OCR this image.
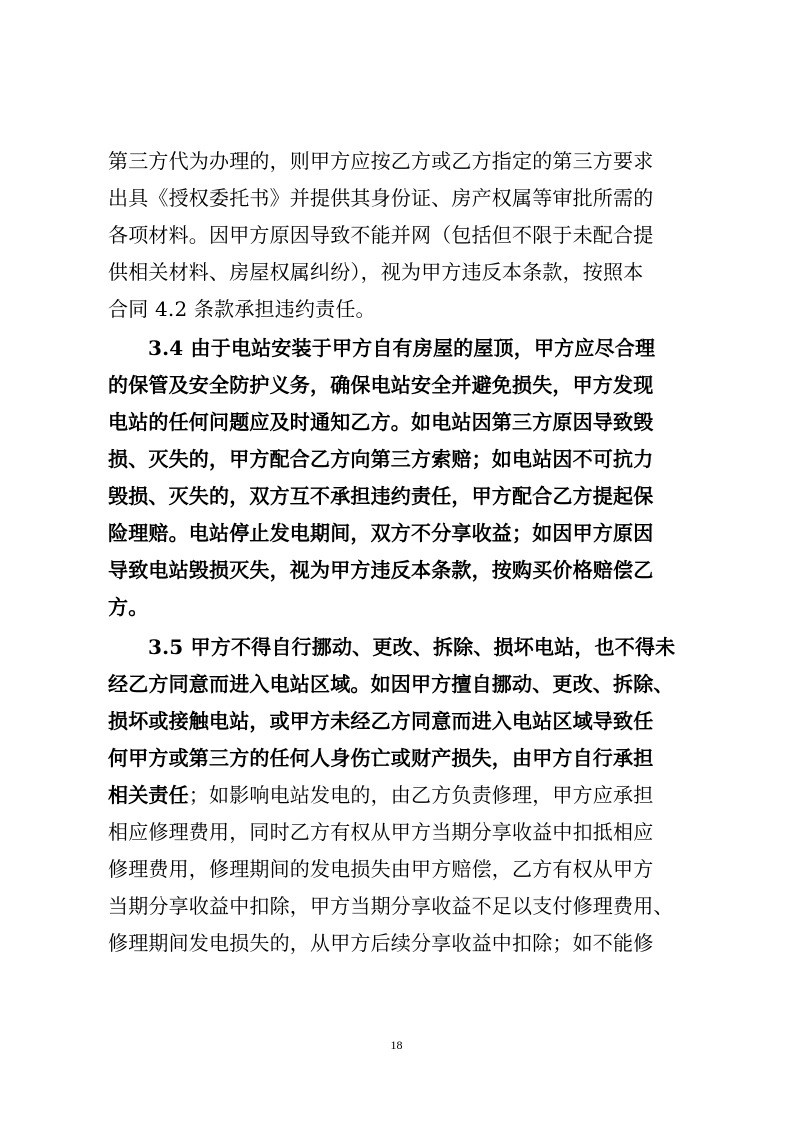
第三方代为办理的，则甲方应按乙方或乙方指定的第三方要求
出具《授权委托书》并提供其身份证、房产权属等审批所需的
各项材料。因甲方原因导致不能并网（包括但不限于未配合提
供相关材料、房屋权属纠纷），视为甲方违反本条款，按照本
合同 4.2 条款承担违约责任。
3.4 由于电站安装于甲方自有房屋的屋顶，甲方应尽合理
的保管及安全防护义务，确保电站安全并避免损失，甲方发现
电站的任何问题应及时通知乙方。如电站因第三方原因导致毁
损、灭失的，甲方配合乙方向第三方索赔；如电站因不可抗力
毁损、灭失的，双方互不承担违约责任，甲方配合乙方提起保
险理赔。电站停止发电期间，双方不分享收益；如因甲方原因
导致电站毁损灭失，视为甲方违反本条款，按购买价格赔偿乙
方。
3.5 甲方不得自行挪动、更改、拆除、损坏电站，也不得未
经乙方同意而进入电站区域。如因甲方擅自挪动、更改、拆除、
损坏或接触电站，或甲方未经乙方同意而进入电站区域导致任
何甲方或第三方的任何人身伤亡或财产损失，由甲方自行承担
相关责任；如影响电站发电的，由乙方负责修理，甲方应承担
相应修理费用，同时乙方有权从甲方当期分享收益中扣抵相应
修理费用，修理期间的发电损失由甲方赔偿，乙方有权从甲方
当期分享收益中扣除，甲方当期分享收益不足以支付修理费用、
修理期间发电损失的，从甲方后续分享收益中扣除；如不能修
18
